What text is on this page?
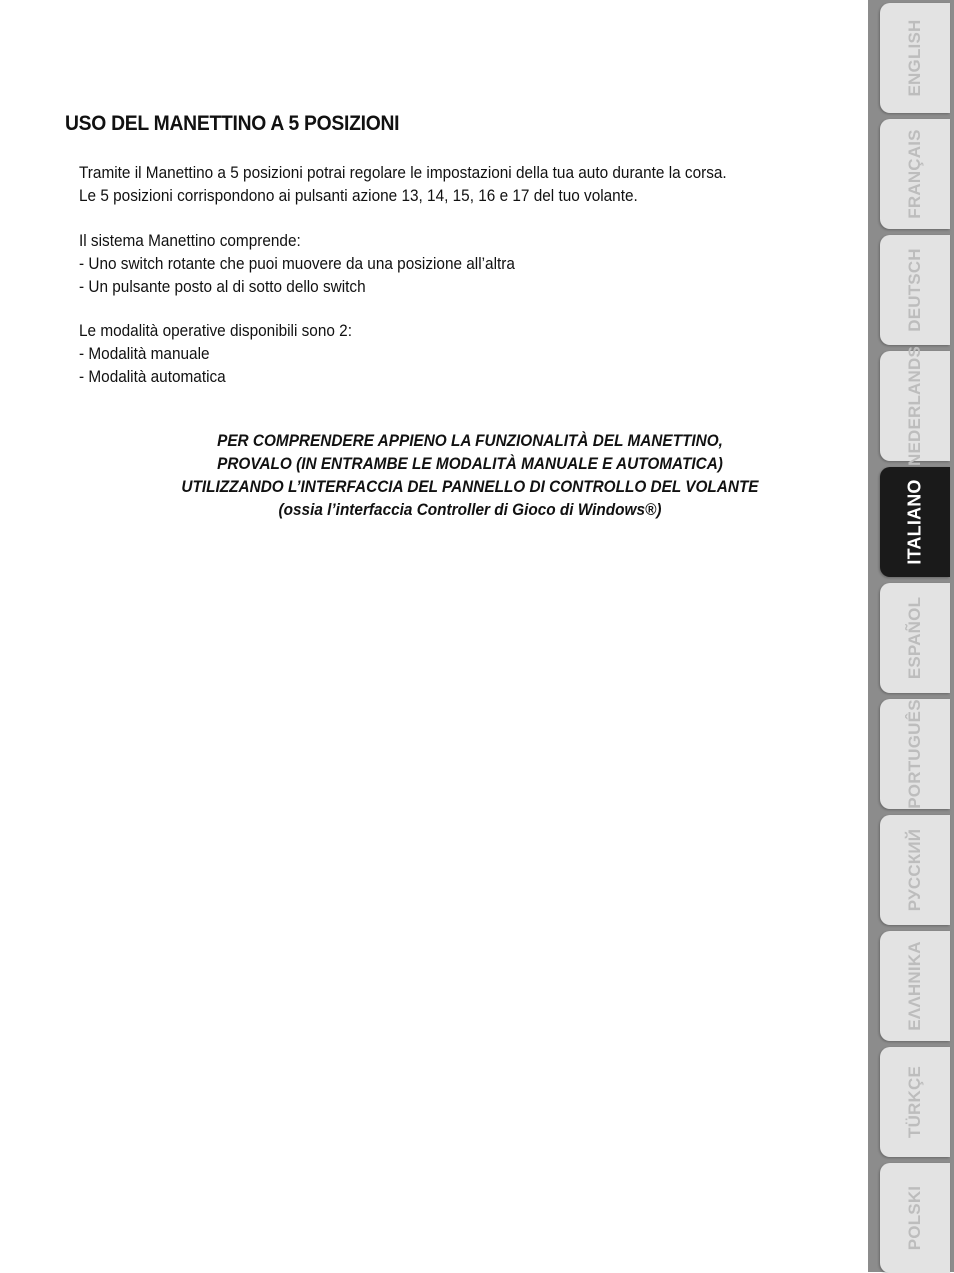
USO DEL MANETTINO A 5 POSIZIONI

Tramite il Manettino a 5 posizioni potrai regolare le impostazioni della tua auto durante la corsa.
Le 5 posizioni corrispondono ai pulsanti azione 13, 14, 15, 16 e 17 del tuo volante.

Il sistema Manettino comprende:
- Uno switch rotante che puoi muovere da una posizione all’altra
- Un pulsante posto al di sotto dello switch

Le modalità operative disponibili sono 2:
- Modalità manuale
- Modalità automatica

PER COMPRENDERE APPIENO LA FUNZIONALITÀ DEL MANETTINO,
PROVALO (IN ENTRAMBE LE MODALITÀ MANUALE E AUTOMATICA)
UTILIZZANDO L’INTERFACCIA DEL PANNELLO DI CONTROLLO DEL VOLANTE
(ossia l’interfaccia Controller di Gioco di Windows®)
ENGLISH
FRANÇAIS
DEUTSCH
NEDERLANDS
ITALIANO
ESPAÑOL
PORTUGUÊS
РУССКИЙ
ΕΛΛΗΝΙΚΑ
TÜRKÇE
POLSKI
